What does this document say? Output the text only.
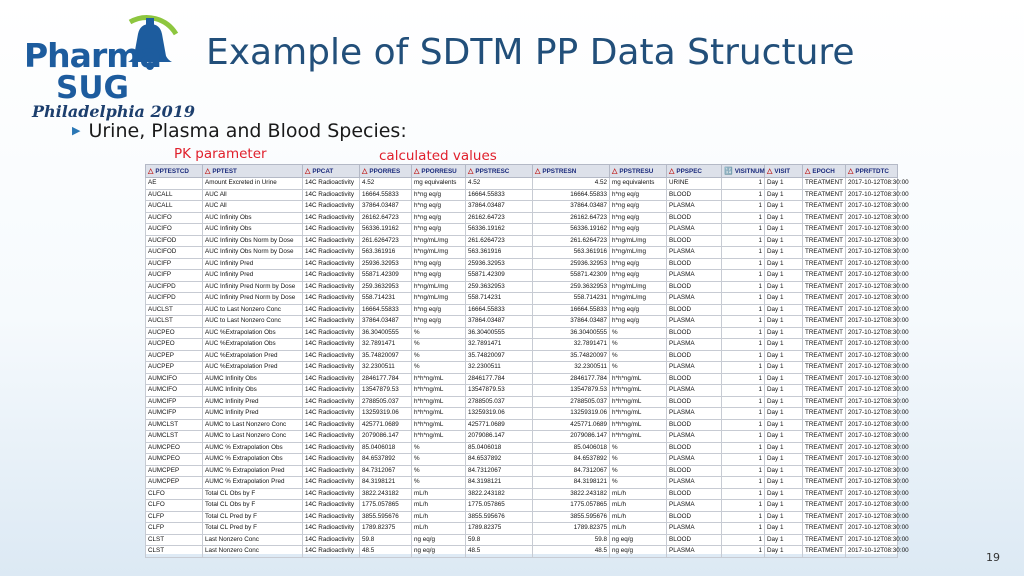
Pharma
SUG
Philadelphia 2019
Example of SDTM PP Data Structure
▶ Urine, Plasma and Blood Species:
PK parameter	calculated values
△ PPTESTCD	△ PPTEST	△ PPCAT	△ PPORRES	△ PPORRESU	△ PPSTRESC	△ PPSTRESN	△ PPSTRESU	△ PPSPEC	🔢 VISITNUM	△ VISIT	△ EPOCH	△ PPRFTDTC
AE	Amount Excreted in Urine	14C Radioactivity	4.52	mg equivalents	4.52	4.52	mg equivalents	URINE	1	Day 1	TREATMENT	2017-10-12T08:30:00
AUCALL	AUC All	14C Radioactivity	16664.55833	h*ng eq/g	16664.55833	16664.55833	h*ng eq/g	BLOOD	1	Day 1	TREATMENT	2017-10-12T08:30:00
AUCALL	AUC All	14C Radioactivity	37864.03487	h*ng eq/g	37864.03487	37864.03487	h*ng eq/g	PLASMA	1	Day 1	TREATMENT	2017-10-12T08:30:00
AUCIFO	AUC Infinity Obs	14C Radioactivity	26162.64723	h*ng eq/g	26162.64723	26162.64723	h*ng eq/g	BLOOD	1	Day 1	TREATMENT	2017-10-12T08:30:00
AUCIFO	AUC Infinity Obs	14C Radioactivity	56336.19162	h*ng eq/g	56336.19162	56336.19162	h*ng eq/g	PLASMA	1	Day 1	TREATMENT	2017-10-12T08:30:00
AUCIFOD	AUC Infinity Obs Norm by Dose	14C Radioactivity	261.6264723	h*ng/mL/mg	261.6264723	261.6264723	h*ng/mL/mg	BLOOD	1	Day 1	TREATMENT	2017-10-12T08:30:00
AUCIFOD	AUC Infinity Obs Norm by Dose	14C Radioactivity	563.361916	h*ng/mL/mg	563.361916	563.361916	h*ng/mL/mg	PLASMA	1	Day 1	TREATMENT	2017-10-12T08:30:00
AUCIFP	AUC Infinity Pred	14C Radioactivity	25936.32953	h*ng eq/g	25936.32953	25936.32953	h*ng eq/g	BLOOD	1	Day 1	TREATMENT	2017-10-12T08:30:00
AUCIFP	AUC Infinity Pred	14C Radioactivity	55871.42309	h*ng eq/g	55871.42309	55871.42309	h*ng eq/g	PLASMA	1	Day 1	TREATMENT	2017-10-12T08:30:00
AUCIFPD	AUC Infinity Pred Norm by Dose	14C Radioactivity	259.3632953	h*ng/mL/mg	259.3632953	259.3632953	h*ng/mL/mg	BLOOD	1	Day 1	TREATMENT	2017-10-12T08:30:00
AUCIFPD	AUC Infinity Pred Norm by Dose	14C Radioactivity	558.714231	h*ng/mL/mg	558.714231	558.714231	h*ng/mL/mg	PLASMA	1	Day 1	TREATMENT	2017-10-12T08:30:00
AUCLST	AUC to Last Nonzero Conc	14C Radioactivity	16664.55833	h*ng eq/g	16664.55833	16664.55833	h*ng eq/g	BLOOD	1	Day 1	TREATMENT	2017-10-12T08:30:00
AUCLST	AUC to Last Nonzero Conc	14C Radioactivity	37864.03487	h*ng eq/g	37864.03487	37864.03487	h*ng eq/g	PLASMA	1	Day 1	TREATMENT	2017-10-12T08:30:00
AUCPEO	AUC %Extrapolation Obs	14C Radioactivity	36.30400555	%	36.30400555	36.30400555	%	BLOOD	1	Day 1	TREATMENT	2017-10-12T08:30:00
AUCPEO	AUC %Extrapolation Obs	14C Radioactivity	32.7891471	%	32.7891471	32.7891471	%	PLASMA	1	Day 1	TREATMENT	2017-10-12T08:30:00
AUCPEP	AUC %Extrapolation Pred	14C Radioactivity	35.74820097	%	35.74820097	35.74820097	%	BLOOD	1	Day 1	TREATMENT	2017-10-12T08:30:00
AUCPEP	AUC %Extrapolation Pred	14C Radioactivity	32.2300511	%	32.2300511	32.2300511	%	PLASMA	1	Day 1	TREATMENT	2017-10-12T08:30:00
AUMCIFO	AUMC Infinity Obs	14C Radioactivity	2846177.784	h*h*ng/mL	2846177.784	2846177.784	h*h*ng/mL	BLOOD	1	Day 1	TREATMENT	2017-10-12T08:30:00
AUMCIFO	AUMC Infinity Obs	14C Radioactivity	13547879.53	h*h*ng/mL	13547879.53	13547879.53	h*h*ng/mL	PLASMA	1	Day 1	TREATMENT	2017-10-12T08:30:00
AUMCIFP	AUMC Infinity Pred	14C Radioactivity	2788505.037	h*h*ng/mL	2788505.037	2788505.037	h*h*ng/mL	BLOOD	1	Day 1	TREATMENT	2017-10-12T08:30:00
AUMCIFP	AUMC Infinity Pred	14C Radioactivity	13259319.06	h*h*ng/mL	13259319.06	13259319.06	h*h*ng/mL	PLASMA	1	Day 1	TREATMENT	2017-10-12T08:30:00
AUMCLST	AUMC to Last Nonzero Conc	14C Radioactivity	425771.0689	h*h*ng/mL	425771.0689	425771.0689	h*h*ng/mL	BLOOD	1	Day 1	TREATMENT	2017-10-12T08:30:00
AUMCLST	AUMC to Last Nonzero Conc	14C Radioactivity	2079086.147	h*h*ng/mL	2079086.147	2079086.147	h*h*ng/mL	PLASMA	1	Day 1	TREATMENT	2017-10-12T08:30:00
AUMCPEO	AUMC % Extrapolation Obs	14C Radioactivity	85.0406018	%	85.0406018	85.0406018	%	BLOOD	1	Day 1	TREATMENT	2017-10-12T08:30:00
AUMCPEO	AUMC % Extrapolation Obs	14C Radioactivity	84.6537892	%	84.6537892	84.6537892	%	PLASMA	1	Day 1	TREATMENT	2017-10-12T08:30:00
AUMCPEP	AUMC % Extrapolation Pred	14C Radioactivity	84.7312067	%	84.7312067	84.7312067	%	BLOOD	1	Day 1	TREATMENT	2017-10-12T08:30:00
AUMCPEP	AUMC % Extrapolation Pred	14C Radioactivity	84.3198121	%	84.3198121	84.3198121	%	PLASMA	1	Day 1	TREATMENT	2017-10-12T08:30:00
CLFO	Total CL Obs by F	14C Radioactivity	3822.243182	mL/h	3822.243182	3822.243182	mL/h	BLOOD	1	Day 1	TREATMENT	2017-10-12T08:30:00
CLFO	Total CL Obs by F	14C Radioactivity	1775.057865	mL/h	1775.057865	1775.057865	mL/h	PLASMA	1	Day 1	TREATMENT	2017-10-12T08:30:00
CLFP	Total CL Pred by F	14C Radioactivity	3855.595676	mL/h	3855.595676	3855.595676	mL/h	BLOOD	1	Day 1	TREATMENT	2017-10-12T08:30:00
CLFP	Total CL Pred by F	14C Radioactivity	1789.82375	mL/h	1789.82375	1789.82375	mL/h	PLASMA	1	Day 1	TREATMENT	2017-10-12T08:30:00
CLST	Last Nonzero Conc	14C Radioactivity	59.8	ng eq/g	59.8	59.8	ng eq/g	BLOOD	1	Day 1	TREATMENT	2017-10-12T08:30:00
CLST	Last Nonzero Conc	14C Radioactivity	48.5	ng eq/g	48.5	48.5	ng eq/g	PLASMA	1	Day 1	TREATMENT	2017-10-12T08:30:00
19
